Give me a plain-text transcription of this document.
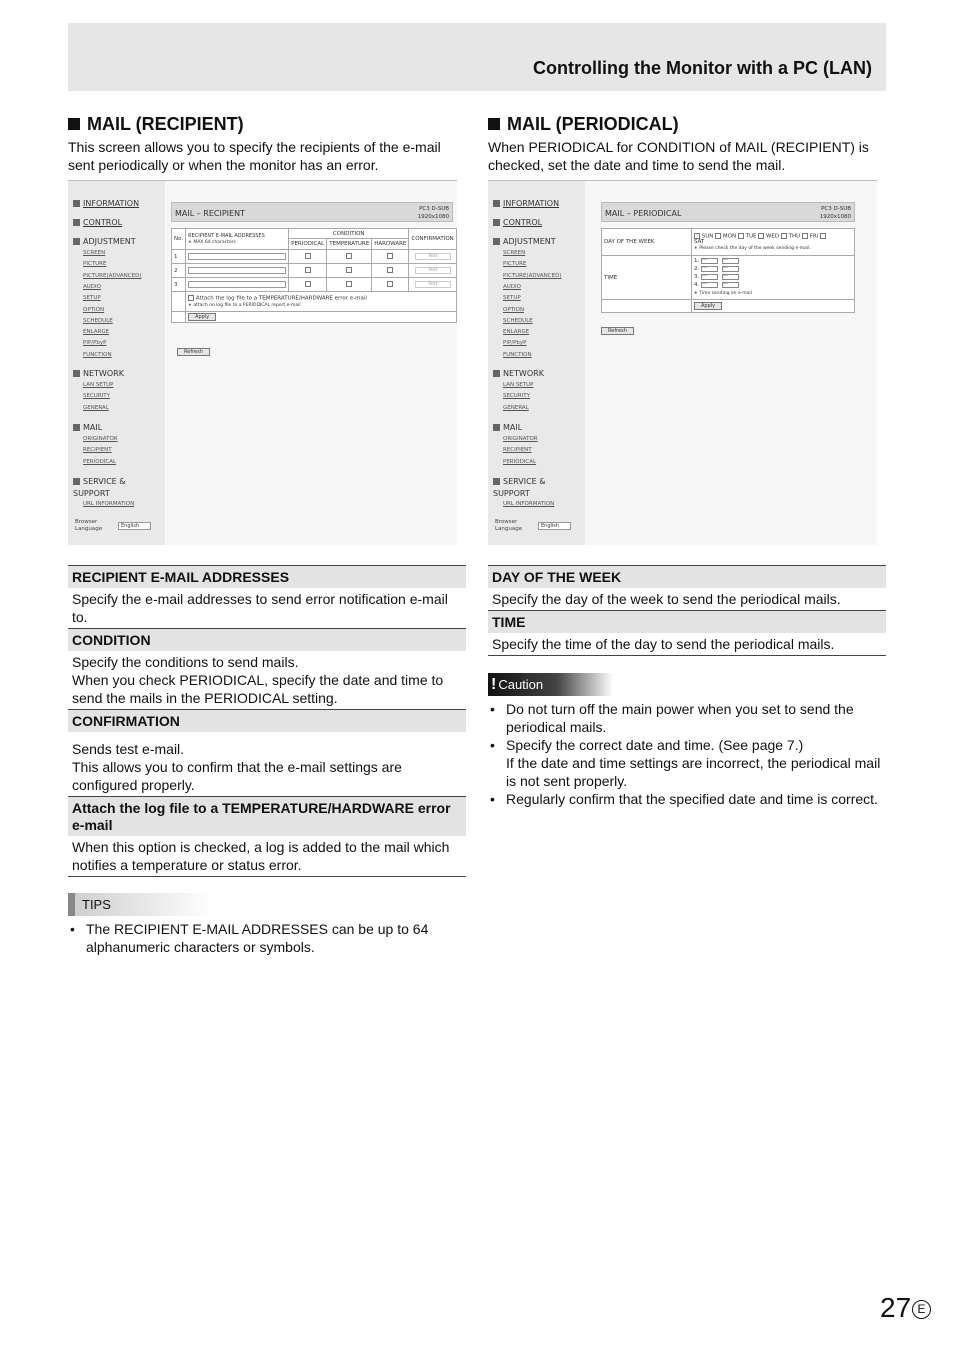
Controlling the Monitor with a PC (LAN)
MAIL (RECIPIENT)

This screen allows you to specify the recipients of the e-mail sent periodically or when the monitor has an error.

INFORMATION
CONTROL
ADJUSTMENT
SCREEN
PICTURE
PICTURE(ADVANCED)
AUDIO
SETUP
OPTION
SCHEDULE
ENLARGE
PIP/PbyP
FUNCTION
NETWORK
LAN SETUP
SECURITY
GENERAL
MAIL
ORIGINATOR
RECIPIENT
PERIODICAL
SERVICE &
SUPPORT
URL INFORMATION
Browser
Language	English
MAIL – RECIPIENT	PC3 D-SUB
1920x1080
No.	RECIPIENT E-MAIL ADDRESSES
∗ MAX.64 characters	CONDITION			CONFIRMATION
		PERIODICAL	TEMPERATURE	HARDWARE	
1					Test
2					Test
3					Test
	Attach the log file to a TEMPERATURE/HARDWARE error e-mail
∗ attach no log file to a PERIODICAL report e-mail				
	Apply				
Refresh
RECIPIENT E-MAIL ADDRESSES
Specify the e-mail addresses to send error notification e-mail to.
CONDITION
Specify the conditions to send mails.
When you check PERIODICAL, specify the date and time to send the mails in the PERIODICAL setting.
CONFIRMATION
Sends test e-mail.
This allows you to confirm that the e-mail settings are configured properly.
Attach the log file to a TEMPERATURE/HARDWARE error e-mail
When this option is checked, a log is added to the mail which notifies a temperature or status error.
TIPS
• The RECIPIENT E-MAIL ADDRESSES can be up to 64 alphanumeric characters or symbols.
MAIL (PERIODICAL)

When PERIODICAL for CONDITION of MAIL (RECIPIENT) is checked, set the date and time to send the mail.

INFORMATION
CONTROL
ADJUSTMENT
SCREEN
PICTURE
PICTURE(ADVANCED)
AUDIO
SETUP
OPTION
SCHEDULE
ENLARGE
PIP/PbyP
FUNCTION
NETWORK
LAN SETUP
SECURITY
GENERAL
MAIL
ORIGINATOR
RECIPIENT
PERIODICAL
SERVICE &
SUPPORT
URL INFORMATION
Browser
Language	English
MAIL – PERIODICAL	PC3 D-SUB
1920x1080
DAY OF THE WEEK	SUN MON TUE WED THU FRI
SAT
∗ Please check the day of the week sending e-mail.
TIME	1. --- ---
2. --- ---
3. --- ---
4. --- ---
∗ Time sending an e-mail
	Apply
Refresh
DAY OF THE WEEK
Specify the day of the week to send the periodical mails.
TIME
Specify the time of the day to send the periodical mails.
! Caution
• Do not turn off the main power when you set to send the periodical mails.
• Specify the correct date and time. (See page 7.)
If the date and time settings are incorrect, the periodical mail is not sent properly.
• Regularly confirm that the specified date and time is correct.
27 E
